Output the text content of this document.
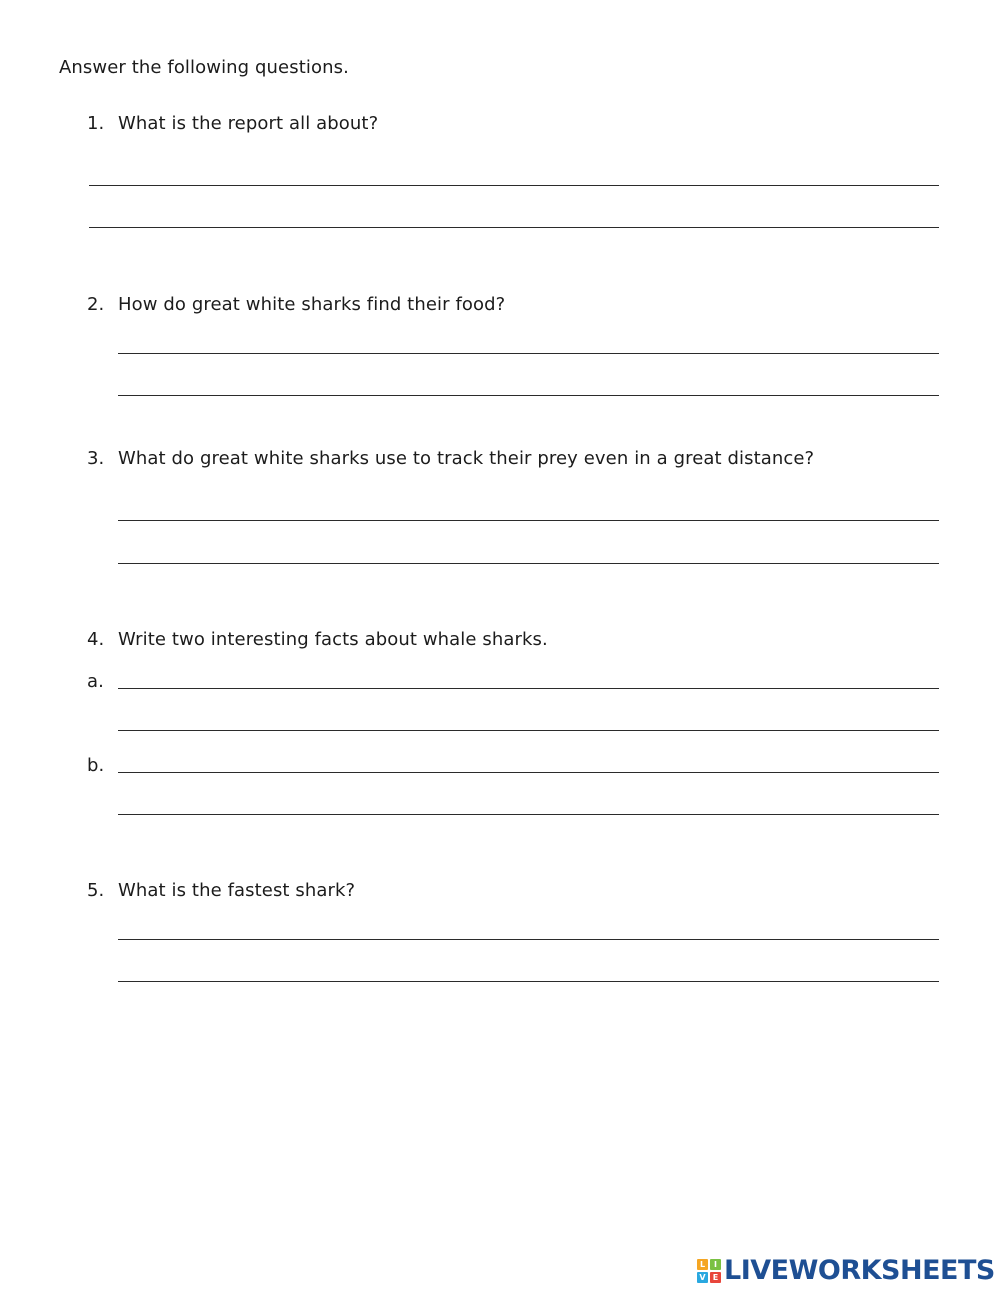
Answer the following questions.
1. What is the report all about?
2. How do great white sharks find their food?
3. What do great white sharks use to track their prey even in a great distance?
4. Write two interesting facts about whale sharks.
a.
b.
5. What is the fastest shark?
L	I
V E LIVEWORKSHEETS
